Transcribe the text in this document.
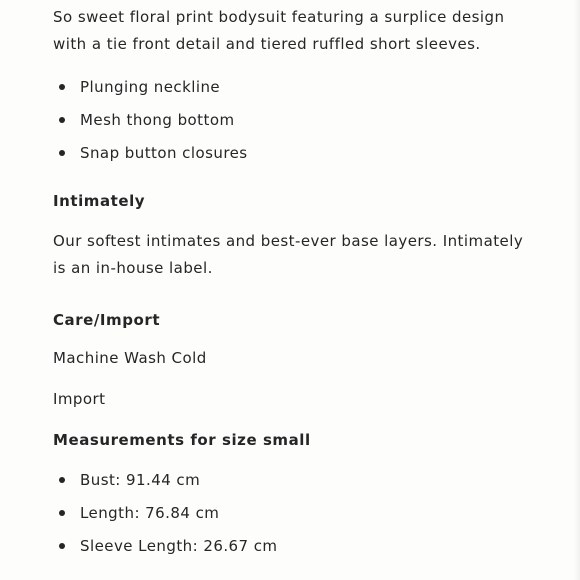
So sweet floral print bodysuit featuring a surplice design with a tie front detail and tiered ruffled short sleeves.

Plunging neckline
Mesh thong bottom
Snap button closures
Intimately

Our softest intimates and best-ever base layers. Intimately is an in-house label.

Care/Import

Machine Wash Cold

Import

Measurements for size small
Bust: 91.44 cm
Length: 76.84 cm
Sleeve Length: 26.67 cm
